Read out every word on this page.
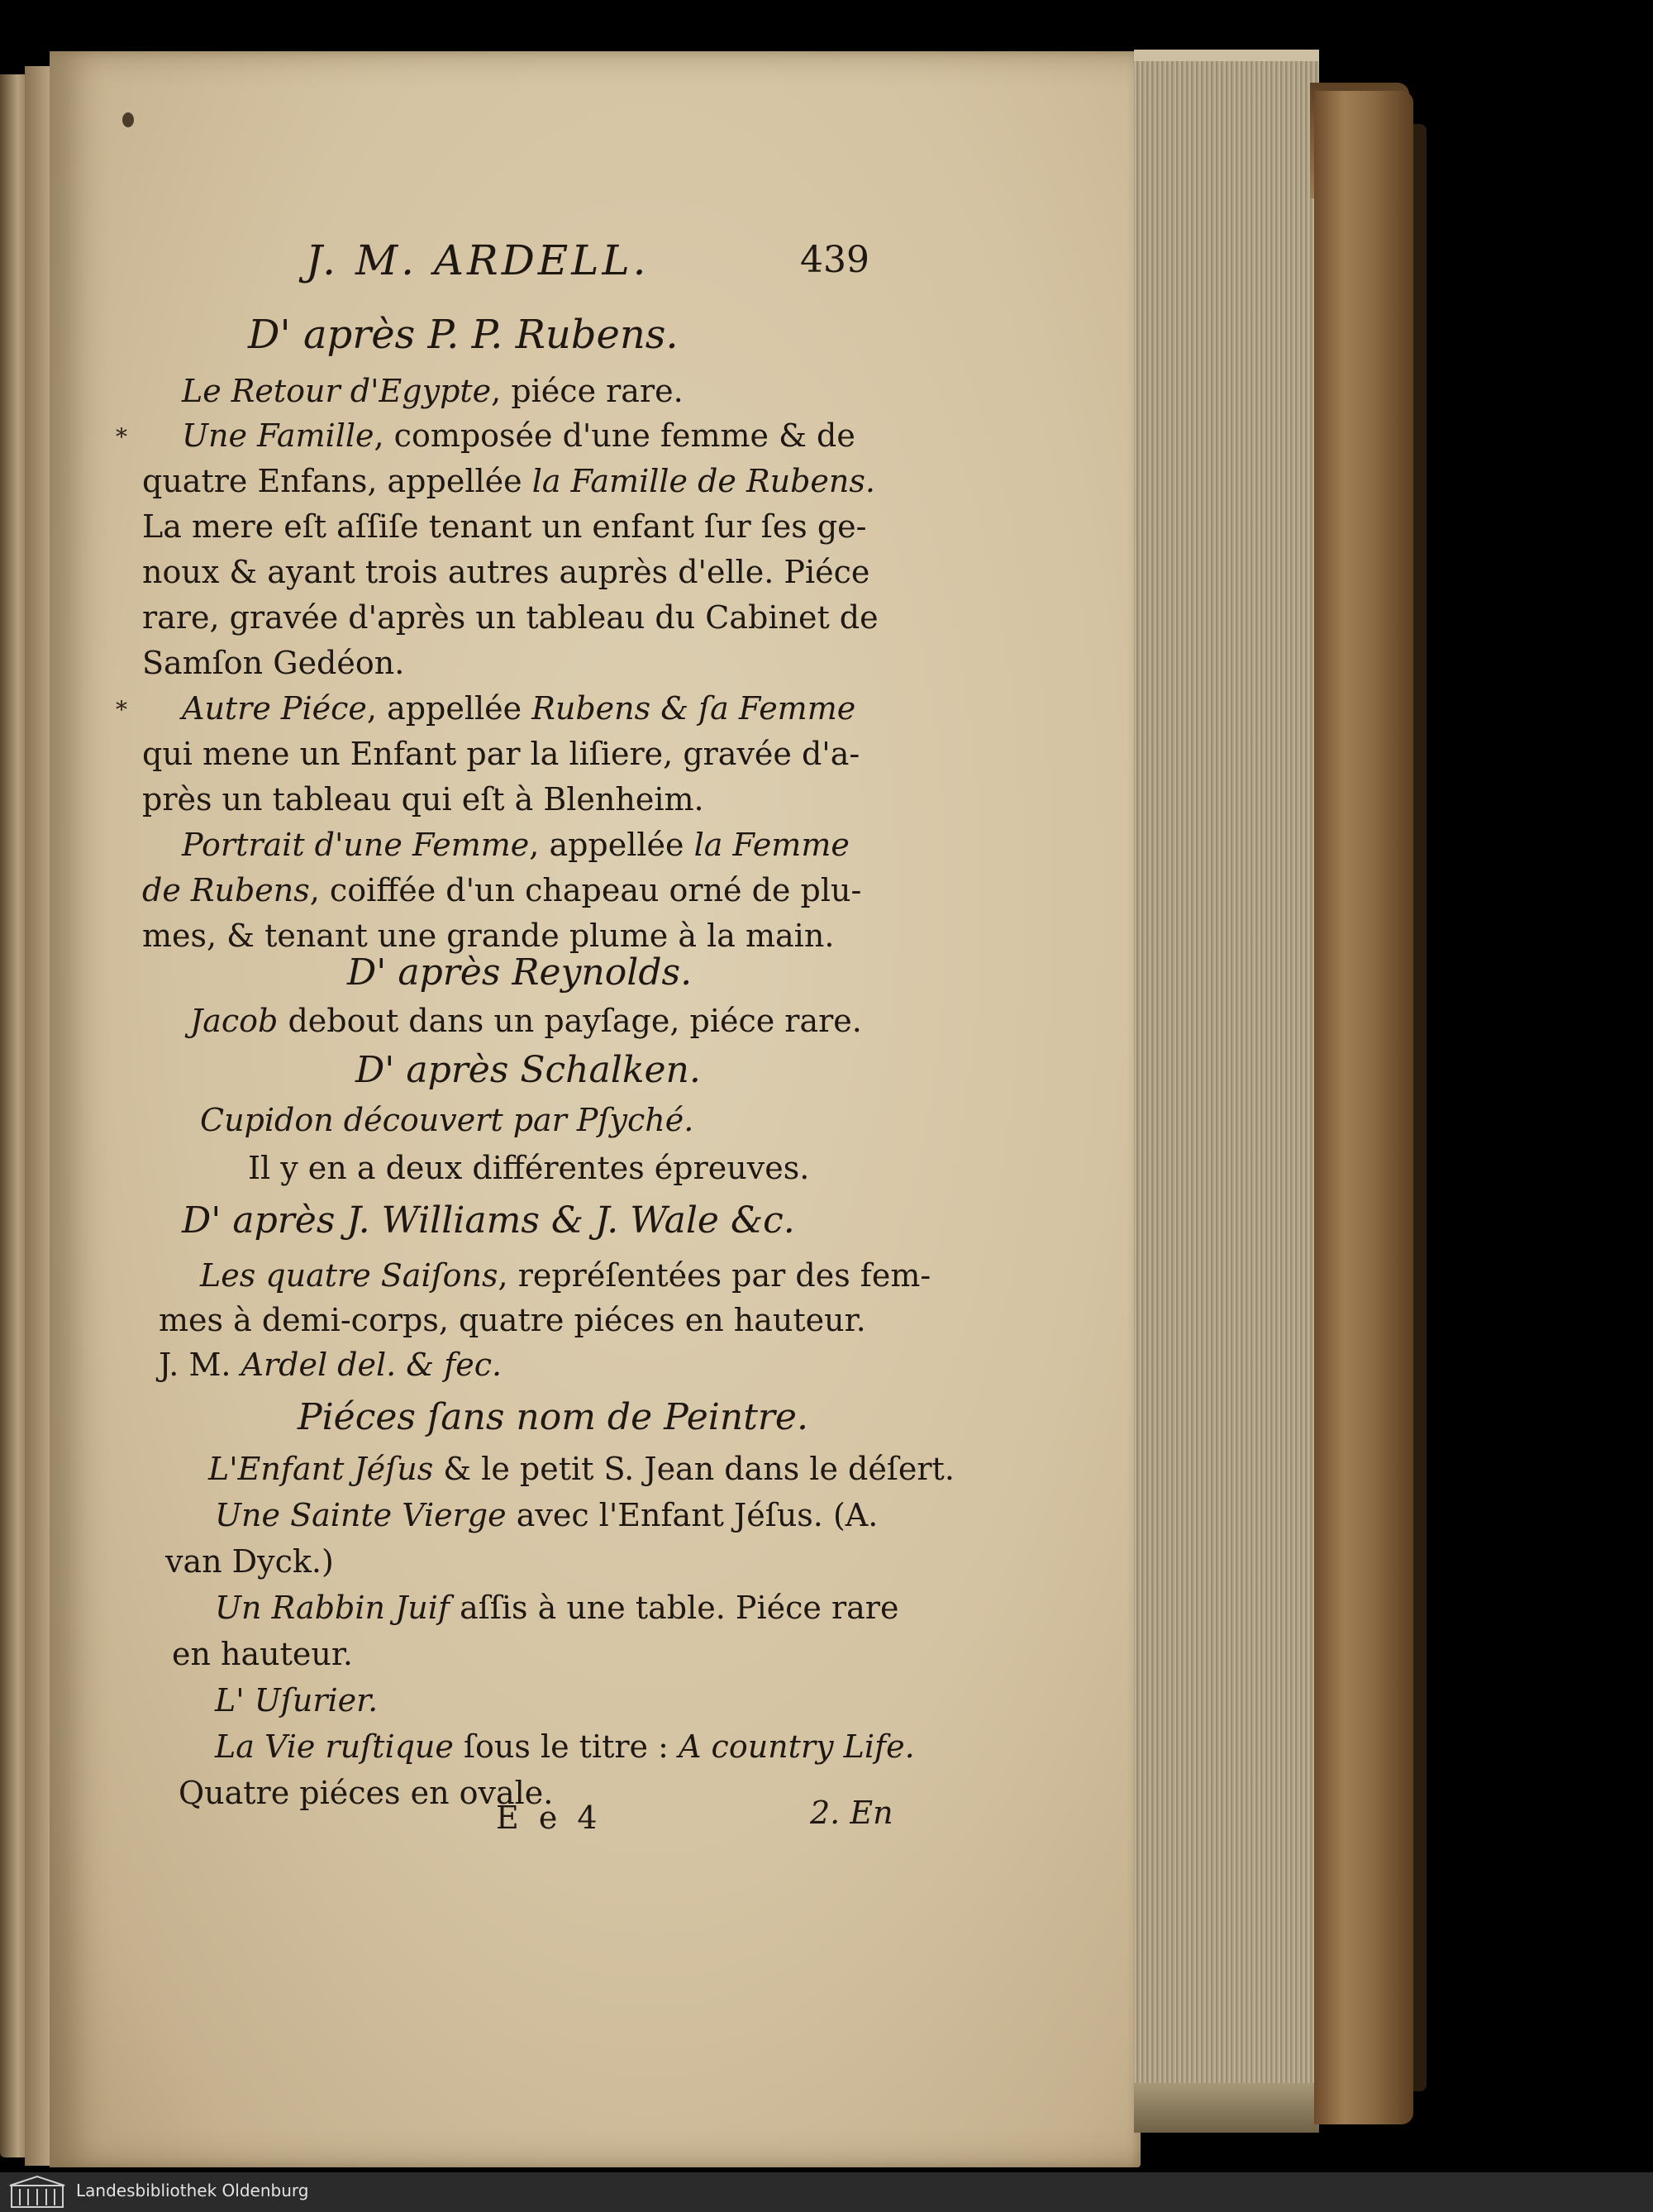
J. M. ARDELL.	439
D' après P. P. Rubens.
Le Retour d'Egypte, piéce rare.
* Une Famille, composée d'une femme & de
quatre Enfans, appellée la Famille de Rubens.
La mere eſt aſſiſe tenant un enfant ſur ſes ge-
noux & ayant trois autres auprès d'elle. Piéce
rare, gravée d'après un tableau du Cabinet de
Samſon Gedéon.
* Autre Piéce, appellée Rubens & ſa Femme
qui mene un Enfant par la liſiere, gravée d'a-
près un tableau qui eſt à Blenheim.
Portrait d'une Femme, appellée la Femme
de Rubens, coiffée d'un chapeau orné de plu-
mes, & tenant une grande plume à la main.
D' après Reynolds.
Jacob debout dans un payſage, piéce rare.
D' après Schalken.
Cupidon découvert par Pſyché.
Il y en a deux différentes épreuves.
D' après J. Williams & J. Wale &c.
Les quatre Saiſons, repréſentées par des fem-
mes à demi-corps, quatre piéces en hauteur.
J. M. Ardel del. & fec.
Piéces ſans nom de Peintre.
L'Enfant Jéſus & le petit S. Jean dans le déſert.
Une Sainte Vierge avec l'Enfant Jéſus. (A.
van Dyck.)
Un Rabbin Juif aſſis à une table. Piéce rare
en hauteur.
L' Uſurier.
La Vie ruſtique ſous le titre : A country Life.
Quatre piéces en ovale.
E e 4	2. En
Landesbibliothek Oldenburg
